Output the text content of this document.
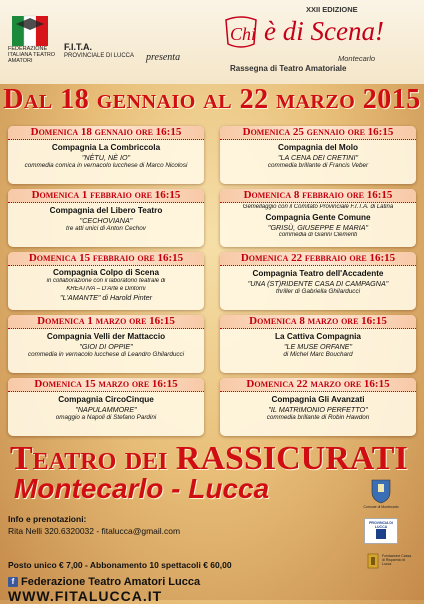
FEDERAZIONE ITALIANA TEATRO AMATORI
F.I.T.A.
PROVINCIALE DI LUCCA presenta
XXII EDIZIONE
Chi è di Scena!
Montecarlo
Rassegna di Teatro Amatoriale
Dal 18 gennaio al 22 marzo 2015
Domenica 18 gennaio ore 16:15
Compagnia La Combriccola
"NÈTU, NÈ IO"
commedia comica in vernacolo lucchese di Marco Nicolosi
Domenica 25 gennaio ore 16:15
Compagnia del Molo
"LA CENA DEI CRETINI"
commedia brillante di Francis Veber
Domenica 1 febbraio ore 16:15
Compagnia del Libero Teatro
"CECHOVIANA"
tre atti unici di Anton Čechov
Domenica 8 febbraio ore 16:15
Gemellaggio con il Comitato Provinciale F.I.T.A. di Latina
Compagnia Gente Comune
"GRISÙ, GIUSEPPE E MARIA"
commedia di Gianni Clementi
Domenica 15 febbraio ore 16:15
Compagnia Colpo di Scena
in collaborazione con il laboratorio teatrale di
KREATIVA – D'Arte e Dintorni
"L'AMANTE" di Harold Pinter
Domenica 22 febbraio ore 16:15
Compagnia Teatro dell'Accadente
"UNA (ST)RIDENTE CASA DI CAMPAGNA"
thriller di Gabriella Ghilarducci
Domenica 1 marzo ore 16:15
Compagnia Velli der Mattaccio
"GIOI DI OPPIE"
commedia in vernacolo lucchese di Leandro Ghilarducci
Domenica 8 marzo ore 16:15
La Cattiva Compagnia
"LE MUSE ORFANE"
di Michel Marc Bouchard
Domenica 15 marzo ore 16:15
Compagnia CircoCinque
"NAPULAMMORE"
omaggio a Napoli di Stefano Pardini
Domenica 22 marzo ore 16:15
Compagnia Gli Avanzati
"IL MATRIMONIO PERFETTO"
commedia brillante di Robin Hawdon
Teatro dei RASSICURATI
Montecarlo - Lucca
Info e prenotazioni:
Rita Nelli 320.6320032 - fitalucca@gmail.com
Posto unico € 7,00 - Abbonamento 10 spettacoli € 60,00
f Federazione Teatro Amatori Lucca
WWW.FITALUCCA.IT
Comune di Montecarlo
PROVINCIA DI LUCCA
Fondazione Cassa di Risparmio di Lucca
